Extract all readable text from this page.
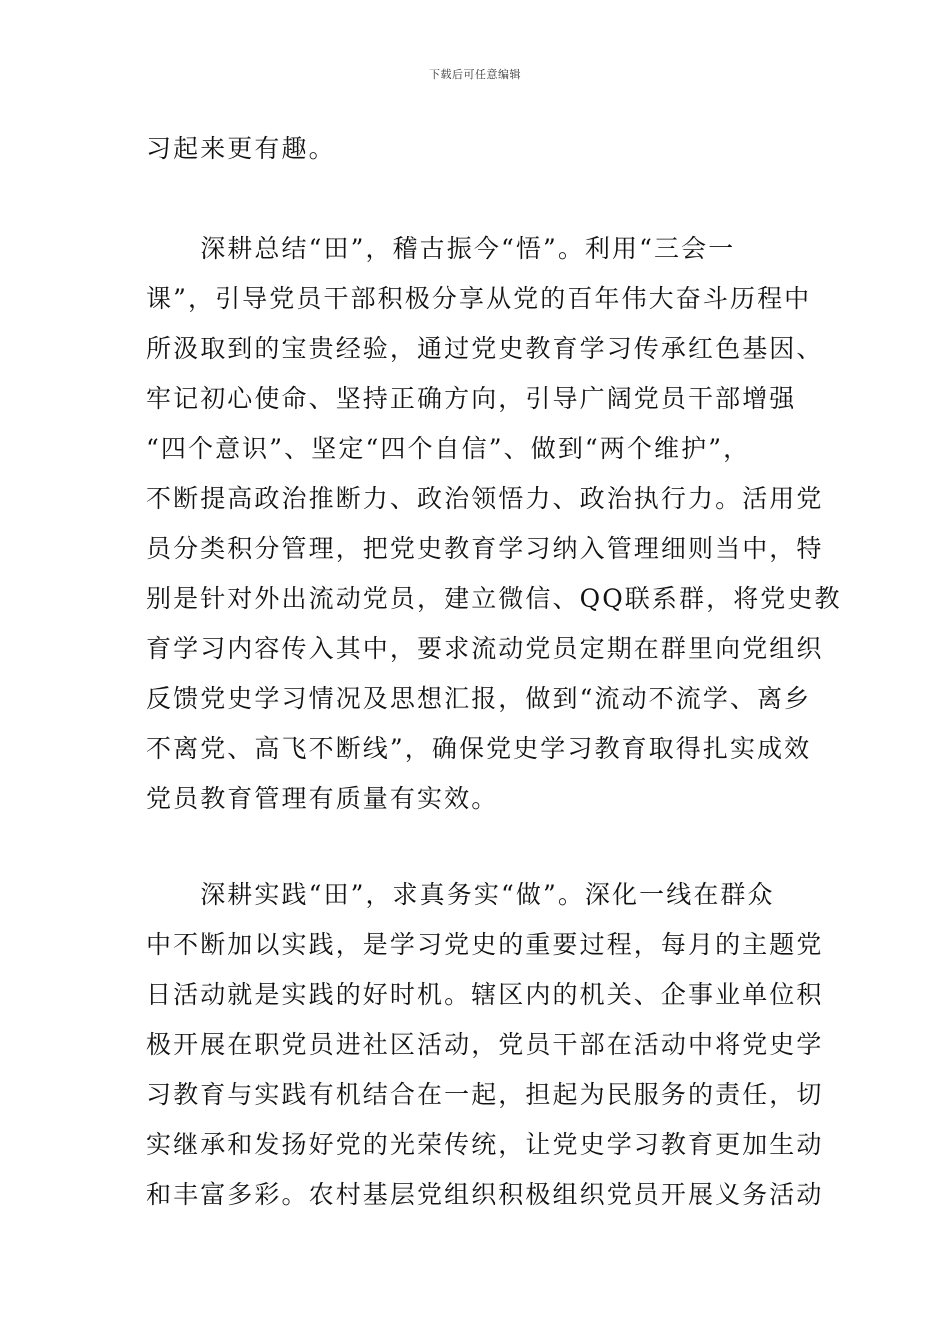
下载后可任意编辑
习起来更有趣。
　　深耕总结“田”，稽古振今“悟”。利用“三会一
课”，引导党员干部积极分享从党的百年伟大奋斗历程中
所汲取到的宝贵经验，通过党史教育学习传承红色基因、
牢记初心使命、坚持正确方向，引导广阔党员干部增强
“四个意识”、坚定“四个自信”、做到“两个维护”，
不断提高政治推断力、政治领悟力、政治执行力。活用党
员分类积分管理，把党史教育学习纳入管理细则当中，特
别是针对外出流动党员，建立微信、QQ联系群，将党史教
育学习内容传入其中，要求流动党员定期在群里向党组织
反馈党史学习情况及思想汇报，做到“流动不流学、离乡
不离党、高飞不断线”，确保党史学习教育取得扎实成效
党员教育管理有质量有实效。
　　深耕实践“田”，求真务实“做”。深化一线在群众
中不断加以实践，是学习党史的重要过程，每月的主题党
日活动就是实践的好时机。辖区内的机关、企事业单位积
极开展在职党员进社区活动，党员干部在活动中将党史学
习教育与实践有机结合在一起，担起为民服务的责任，切
实继承和发扬好党的光荣传统，让党史学习教育更加生动
和丰富多彩。农村基层党组织积极组织党员开展义务活动
